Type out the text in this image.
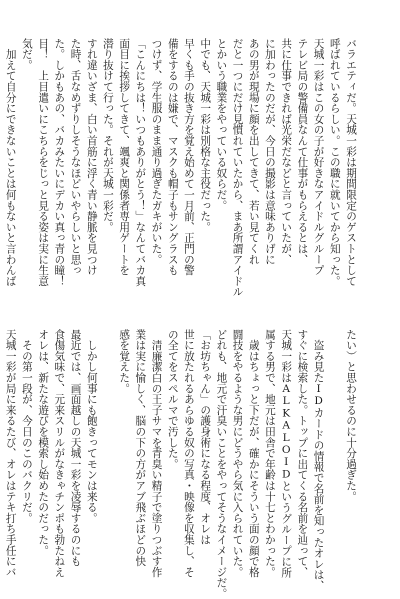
バラエティだ。天城一彩は期間限定のゲストとして

呼ばれているらしい。この職に就いてから知った。

天城一彩はこの女の子が好きなアイドルグループ

テレビ局の警備員なんて仕事がもらえるとは、

共に仕事できれば光栄だなどと言っていたが、

に加わったのだが、今日の撮影は意味ありげに

あの男が現場に顔を出してきて、若い見てくれ

だと一つにだけ見慣れていたから、まあ所謂アイドル

とかいう職業をやっている奴らだ。

中でも、天城一彩は別格な主役だった。

早くも手の抜き方を覚え始めて一月前、正門の警

備をするのは嫌で、マスクも帽子もサングラスも

つけず、学生服のまま通り過ぎたガキがいた。

「こんにちは！いつもありがとう！」なんてバカ真

面目に挨拶してきて、颯爽と関係者専用ゲートを

潜り抜けて行った。それが天城一彩だ。

すれ違いざま、白い首筋に浮く青い静脈を見つけ

た時、舌なめずりしそうなほどいやらしいと思っ

た。しかもあの、バカみたいにデカい真っ青の瞳！

目！　上目遣いにこちらをじっと見る姿は実に生意

気だ。

　加えて自分にできないことは何もないと言わんば

たい）と思わせるのに十分過ぎた。

　盗み見たIDカードの情報で名前を知ったオレは、

すぐに検索した。トップに出てくる名前を辿って、

天城一彩はALKALOIDというグループに所

属する男で、地元は田舎で年齢は十七とわかった。

　歳はちょっと下だが、確かにそういう面の顔で格

闘技をやるような男にどうやら気に入られていた。

どれも、地元で汗臭いことをやってそうなイメージだ。

「お坊ちゃん」の護身術になる程度、オレは

世に放たれるあらゆる奴の写真・映像を収集し、そ

の全てをスペルマで汚した。

　清廉潔白の王子サマを青臭い精子で塗りつぶす作

業は実に愉しく、脳の下の方がアブ飛ぶほどの快

感を覚えた。

　しかし何事にも飽きってモンは来る。

最近では、画面越しの天城一彩を凌辱するのにも

食傷気味で、元来スリルがなきゃチンポも勃たねえ

オレは、新たな遊びを模索し始めたのだった。

　その第一段が、今日のこのバクリだ。

天城一彩が局に来るたび、オレはテキ打ち手任にバ
